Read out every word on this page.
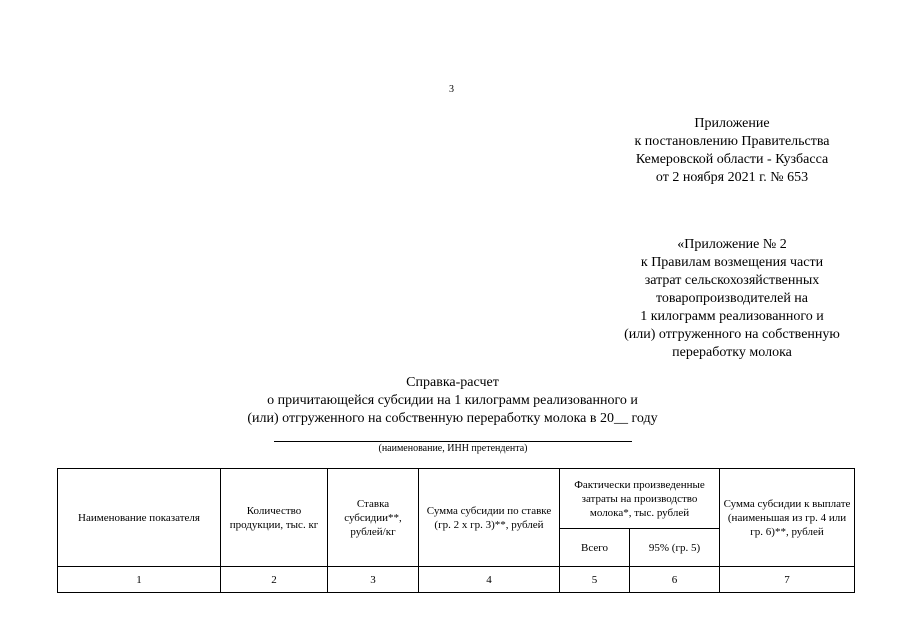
3
Приложение
к постановлению Правительства
Кемеровской области - Кузбасса
от 2 ноября 2021 г. № 653
«Приложение № 2
к Правилам возмещения части
затрат сельскохозяйственных
товаропроизводителей на
1 килограмм реализованного и
(или) отгруженного на собственную
переработку молока
Справка-расчет
о причитающейся субсидии на 1 килограмм реализованного и
(или) отгруженного на собственную переработку молока в 20__ году
(наименование, ИНН претендента)
Наименование показателя	Количество продукции, тыс. кг	Ставка субсидии**, рублей/кг	Сумма субсидии по ставке (гр. 2 х гр. 3)**, рублей	Фактически произведенные затраты на производство молока*, тыс. рублей		Сумма субсидии к выплате (наименьшая из гр. 4 или гр. 6)**, рублей
				Всего	95% (гр. 5)	
1	2	3	4	5	6	7
